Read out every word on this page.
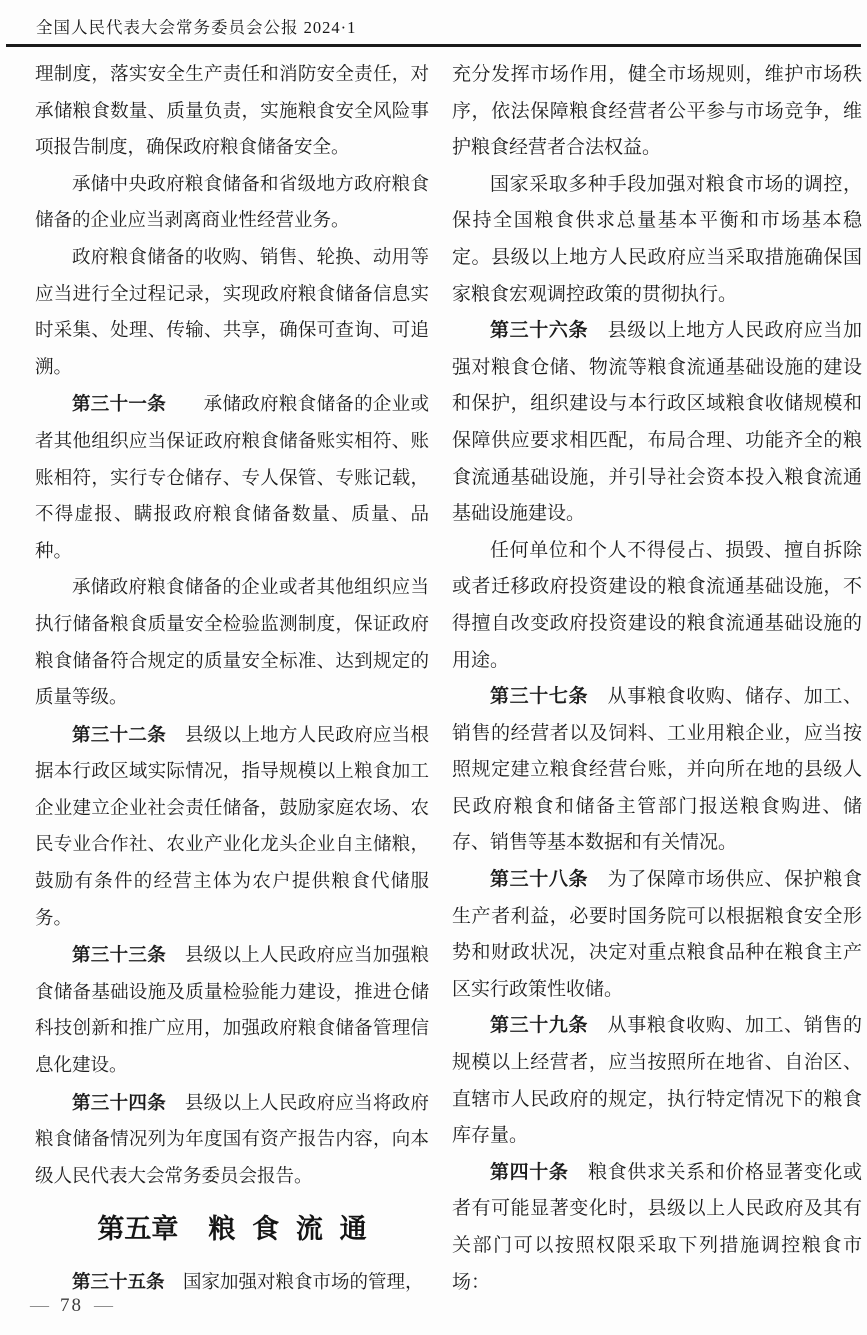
全国人民代表大会常务委员会公报 2024·1

理制度，落实安全生产责任和消防安全责任，对承储粮食数量、质量负责，实施粮食安全风险事项报告制度，确保政府粮食储备安全。

承储中央政府粮食储备和省级地方政府粮食储备的企业应当剥离商业性经营业务。

政府粮食储备的收购、销售、轮换、动用等应当进行全过程记录，实现政府粮食储备信息实时采集、处理、传输、共享，确保可查询、可追溯。

第三十一条　　承储政府粮食储备的企业或者其他组织应当保证政府粮食储备账实相符、账账相符，实行专仓储存、专人保管、专账记载，不得虚报、瞒报政府粮食储备数量、质量、品种。

承储政府粮食储备的企业或者其他组织应当执行储备粮食质量安全检验监测制度，保证政府粮食储备符合规定的质量安全标准、达到规定的质量等级。

第三十二条　县级以上地方人民政府应当根据本行政区域实际情况，指导规模以上粮食加工企业建立企业社会责任储备，鼓励家庭农场、农民专业合作社、农业产业化龙头企业自主储粮，鼓励有条件的经营主体为农户提供粮食代储服务。

第三十三条　县级以上人民政府应当加强粮食储备基础设施及质量检验能力建设，推进仓储科技创新和推广应用，加强政府粮食储备管理信息化建设。

第三十四条　县级以上人民政府应当将政府粮食储备情况列为年度国有资产报告内容，向本级人民代表大会常务委员会报告。

第五章 粮食流通

第三十五条　国家加强对粮食市场的管理，

充分发挥市场作用，健全市场规则，维护市场秩序，依法保障粮食经营者公平参与市场竞争，维护粮食经营者合法权益。

国家采取多种手段加强对粮食市场的调控，保持全国粮食供求总量基本平衡和市场基本稳定。县级以上地方人民政府应当采取措施确保国家粮食宏观调控政策的贯彻执行。

第三十六条　县级以上地方人民政府应当加强对粮食仓储、物流等粮食流通基础设施的建设和保护，组织建设与本行政区域粮食收储规模和保障供应要求相匹配，布局合理、功能齐全的粮食流通基础设施，并引导社会资本投入粮食流通基础设施建设。

任何单位和个人不得侵占、损毁、擅自拆除或者迁移政府投资建设的粮食流通基础设施，不得擅自改变政府投资建设的粮食流通基础设施的用途。

第三十七条　从事粮食收购、储存、加工、销售的经营者以及饲料、工业用粮企业，应当按照规定建立粮食经营台账，并向所在地的县级人民政府粮食和储备主管部门报送粮食购进、储存、销售等基本数据和有关情况。

第三十八条　为了保障市场供应、保护粮食生产者利益，必要时国务院可以根据粮食安全形势和财政状况，决定对重点粮食品种在粮食主产区实行政策性收储。

第三十九条　从事粮食收购、加工、销售的规模以上经营者，应当按照所在地省、自治区、直辖市人民政府的规定，执行特定情况下的粮食库存量。

第四十条　粮食供求关系和价格显著变化或者有可能显著变化时，县级以上人民政府及其有关部门可以按照权限采取下列措施调控粮食市场：

— 78 —
